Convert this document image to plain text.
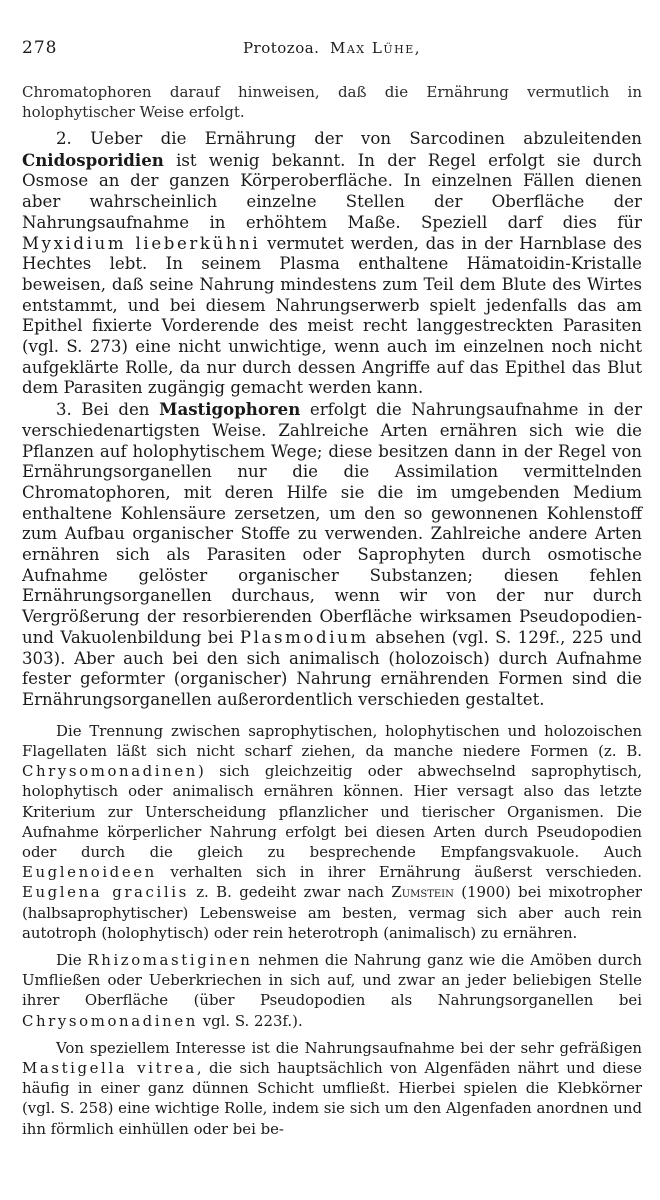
278	Protozoa. Max Lühe,

Chromatophoren darauf hinweisen, daß die Ernährung vermutlich in holophytischer Weise erfolgt.

2. Ueber die Ernährung der von Sarcodinen abzuleitenden Cnidosporidien ist wenig bekannt. In der Regel erfolgt sie durch Osmose an der ganzen Körperoberfläche. In einzelnen Fällen dienen aber wahrscheinlich einzelne Stellen der Oberfläche der Nahrungsaufnahme in erhöhtem Maße. Speziell darf dies für Myxidium lieberkühni vermutet werden, das in der Harnblase des Hechtes lebt. In seinem Plasma enthaltene Hämatoidin-Kristalle beweisen, daß seine Nahrung mindestens zum Teil dem Blute des Wirtes entstammt, und bei diesem Nahrungserwerb spielt jedenfalls das am Epithel fixierte Vorderende des meist recht langgestreckten Parasiten (vgl. S. 273) eine nicht unwichtige, wenn auch im einzelnen noch nicht aufgeklärte Rolle, da nur durch dessen Angriffe auf das Epithel das Blut dem Parasiten zugängig gemacht werden kann.

3. Bei den Mastigophoren erfolgt die Nahrungsaufnahme in der verschiedenartigsten Weise. Zahlreiche Arten ernähren sich wie die Pflanzen auf holophytischem Wege; diese besitzen dann in der Regel von Ernährungsorganellen nur die die Assimilation vermittelnden Chromatophoren, mit deren Hilfe sie die im umgebenden Medium enthaltene Kohlensäure zersetzen, um den so gewonnenen Kohlenstoff zum Aufbau organischer Stoffe zu verwenden. Zahlreiche andere Arten ernähren sich als Parasiten oder Saprophyten durch osmotische Aufnahme gelöster organischer Substanzen; diesen fehlen Ernährungsorganellen durchaus, wenn wir von der nur durch Vergrößerung der resorbierenden Oberfläche wirksamen Pseudopodien- und Vakuolenbildung bei Plasmodium absehen (vgl. S. 129f., 225 und 303). Aber auch bei den sich animalisch (holozoisch) durch Aufnahme fester geformter (organischer) Nahrung ernährenden Formen sind die Ernährungsorganellen außerordentlich verschieden gestaltet.

Die Trennung zwischen saprophytischen, holophytischen und holozoischen Flagellaten läßt sich nicht scharf ziehen, da manche niedere Formen (z. B. Chrysomonadinen) sich gleichzeitig oder abwechselnd saprophytisch, holophytisch oder animalisch ernähren können. Hier versagt also das letzte Kriterium zur Unterscheidung pflanzlicher und tierischer Organismen. Die Aufnahme körperlicher Nahrung erfolgt bei diesen Arten durch Pseudopodien oder durch die gleich zu besprechende Empfangsvakuole. Auch Euglenoideen verhalten sich in ihrer Ernährung äußerst verschieden. Euglena gracilis z. B. gedeiht zwar nach Zumstein (1900) bei mixotropher (halbsaprophytischer) Lebensweise am besten, vermag sich aber auch rein autotroph (holophytisch) oder rein heterotroph (animalisch) zu ernähren.

Die Rhizomastiginen nehmen die Nahrung ganz wie die Amöben durch Umfließen oder Ueberkriechen in sich auf, und zwar an jeder beliebigen Stelle ihrer Oberfläche (über Pseudopodien als Nahrungsorganellen bei Chrysomonadinen vgl. S. 223f.).

Von speziellem Interesse ist die Nahrungsaufnahme bei der sehr gefräßigen Mastigella vitrea, die sich hauptsächlich von Algenfäden nährt und diese häufig in einer ganz dünnen Schicht umfließt. Hierbei spielen die Klebkörner (vgl. S. 258) eine wichtige Rolle, indem sie sich um den Algenfaden anordnen und ihn förmlich einhüllen oder bei be-
